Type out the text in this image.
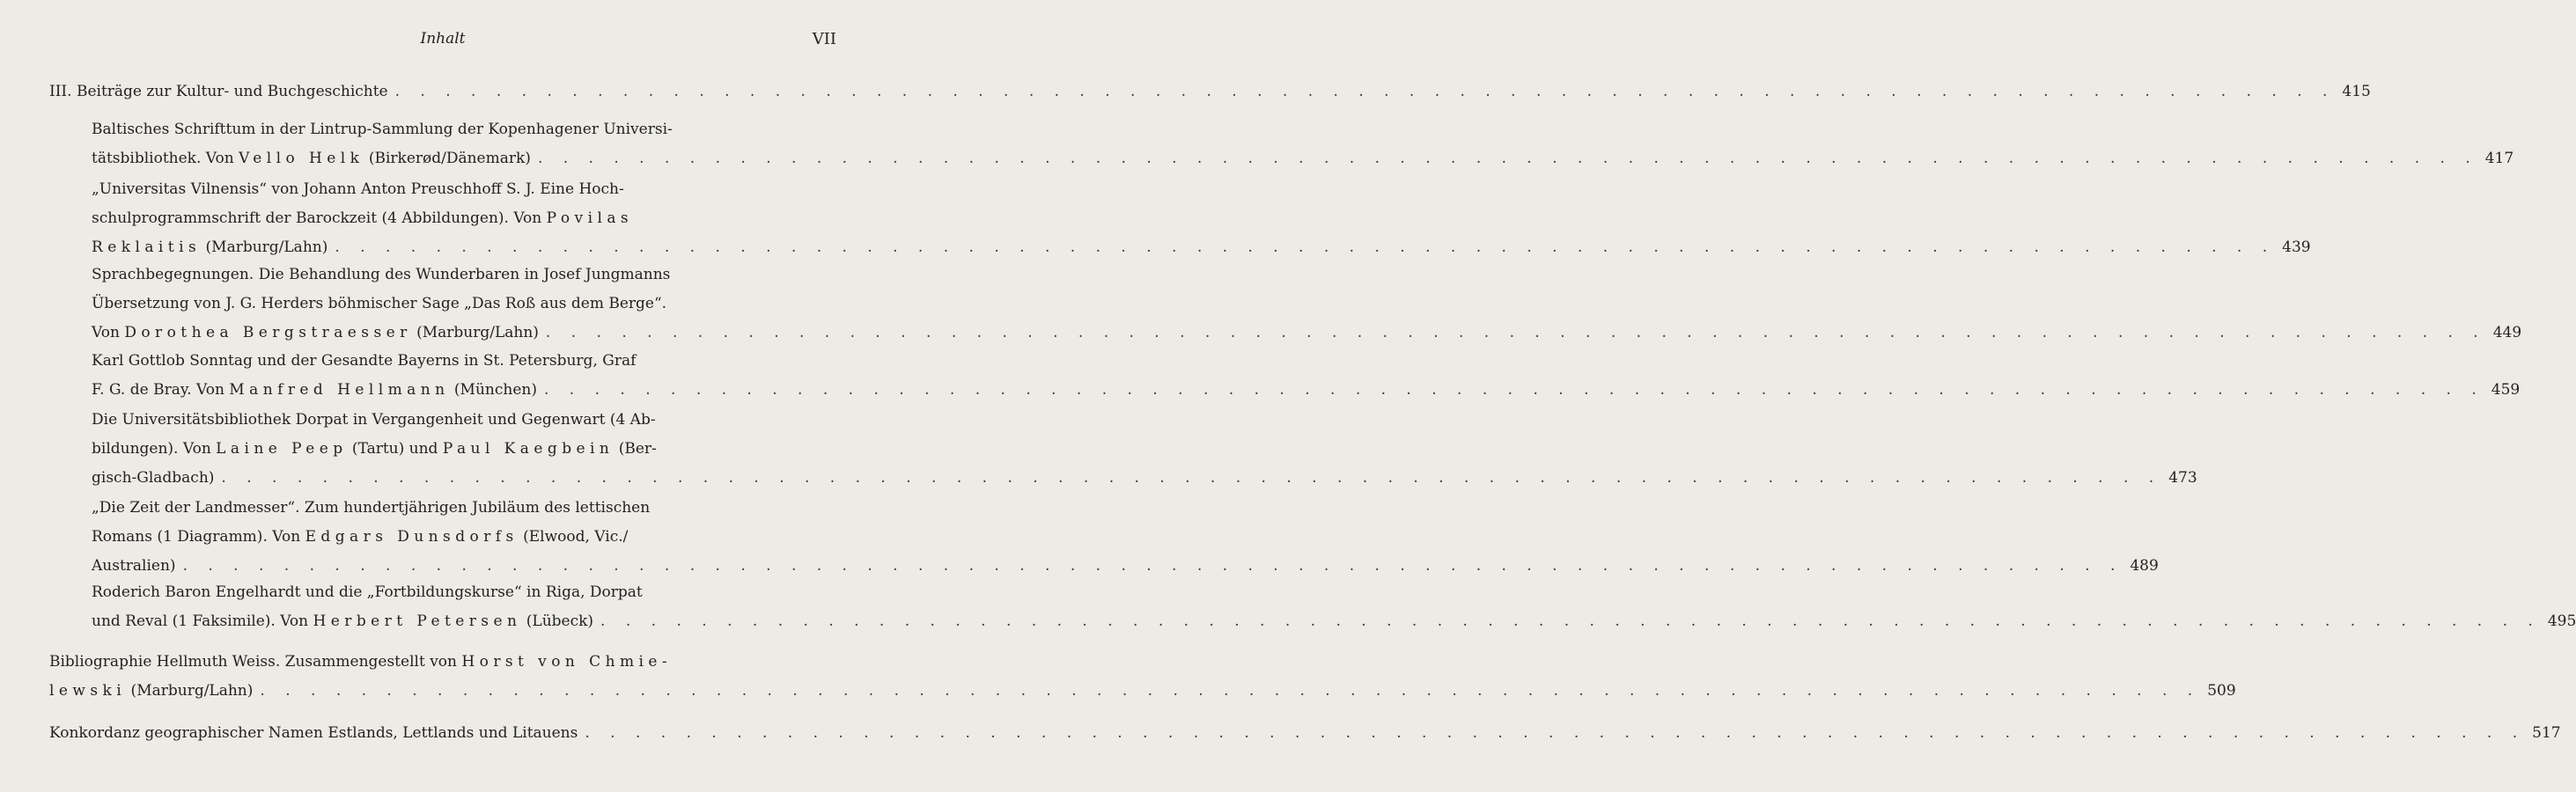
Inhalt	VII
III. Beiträge zur Kultur- und Buchgeschichte . . . . . . . . . . . . . . . . . . . . . . . . . . . . . . . . . . . . . . . . . . . . . . . . . . . . . . . . . . . . . . . . . . . . . . . . . . . . . 415
Baltisches Schrifttum in der Lintrup-Sammlung der Kopenhagener Universi-
tätsbibliothek. Von Vello Helk (Birkerød/Dänemark) . . . . . . . . . . . . . . . . . . . . . . . . . . . . . . . . . . . . . . . . . . . . . . . . . . . . . . . . . . . . . . . . . . . . . . . . . . . . . 417
„Universitas Vilnensis“ von Johann Anton Preuschhoff S. J. Eine Hoch-
schulprogrammschrift der Barockzeit (4 Abbildungen). Von Povilas
Reklaitis (Marburg/Lahn) . . . . . . . . . . . . . . . . . . . . . . . . . . . . . . . . . . . . . . . . . . . . . . . . . . . . . . . . . . . . . . . . . . . . . . . . . . . . . 439
Sprachbegegnungen. Die Behandlung des Wunderbaren in Josef Jungmanns
Übersetzung von J. G. Herders böhmischer Sage „Das Roß aus dem Berge“.
Von Dorothea Bergstraesser (Marburg/Lahn) . . . . . . . . . . . . . . . . . . . . . . . . . . . . . . . . . . . . . . . . . . . . . . . . . . . . . . . . . . . . . . . . . . . . . . . . . . . . . 449
Karl Gottlob Sonntag und der Gesandte Bayerns in St. Petersburg, Graf
F. G. de Bray. Von Manfred Hellmann (München) . . . . . . . . . . . . . . . . . . . . . . . . . . . . . . . . . . . . . . . . . . . . . . . . . . . . . . . . . . . . . . . . . . . . . . . . . . . . . 459
Die Universitätsbibliothek Dorpat in Vergangenheit und Gegenwart (4 Ab-
bildungen). Von Laine Peep (Tartu) und Paul Kaegbein (Ber-
gisch-Gladbach) . . . . . . . . . . . . . . . . . . . . . . . . . . . . . . . . . . . . . . . . . . . . . . . . . . . . . . . . . . . . . . . . . . . . . . . . . . . . . 473
„Die Zeit der Landmesser“. Zum hundertjährigen Jubiläum des lettischen
Romans (1 Diagramm). Von Edgars Dunsdorfs (Elwood, Vic./
Australien) . . . . . . . . . . . . . . . . . . . . . . . . . . . . . . . . . . . . . . . . . . . . . . . . . . . . . . . . . . . . . . . . . . . . . . . . . . . . . 489
Roderich Baron Engelhardt und die „Fortbildungskurse“ in Riga, Dorpat
und Reval (1 Faksimile). Von Herbert Petersen (Lübeck) . . . . . . . . . . . . . . . . . . . . . . . . . . . . . . . . . . . . . . . . . . . . . . . . . . . . . . . . . . . . . . . . . . . . . . . . . . . . . 495
Bibliographie Hellmuth Weiss. Zusammengestellt von Horst von Chmie-
lewski (Marburg/Lahn) . . . . . . . . . . . . . . . . . . . . . . . . . . . . . . . . . . . . . . . . . . . . . . . . . . . . . . . . . . . . . . . . . . . . . . . . . . . . . 509
Konkordanz geographischer Namen Estlands, Lettlands und Litauens . . . . . . . . . . . . . . . . . . . . . . . . . . . . . . . . . . . . . . . . . . . . . . . . . . . . . . . . . . . . . . . . . . . . . . . . . . . . . 517
